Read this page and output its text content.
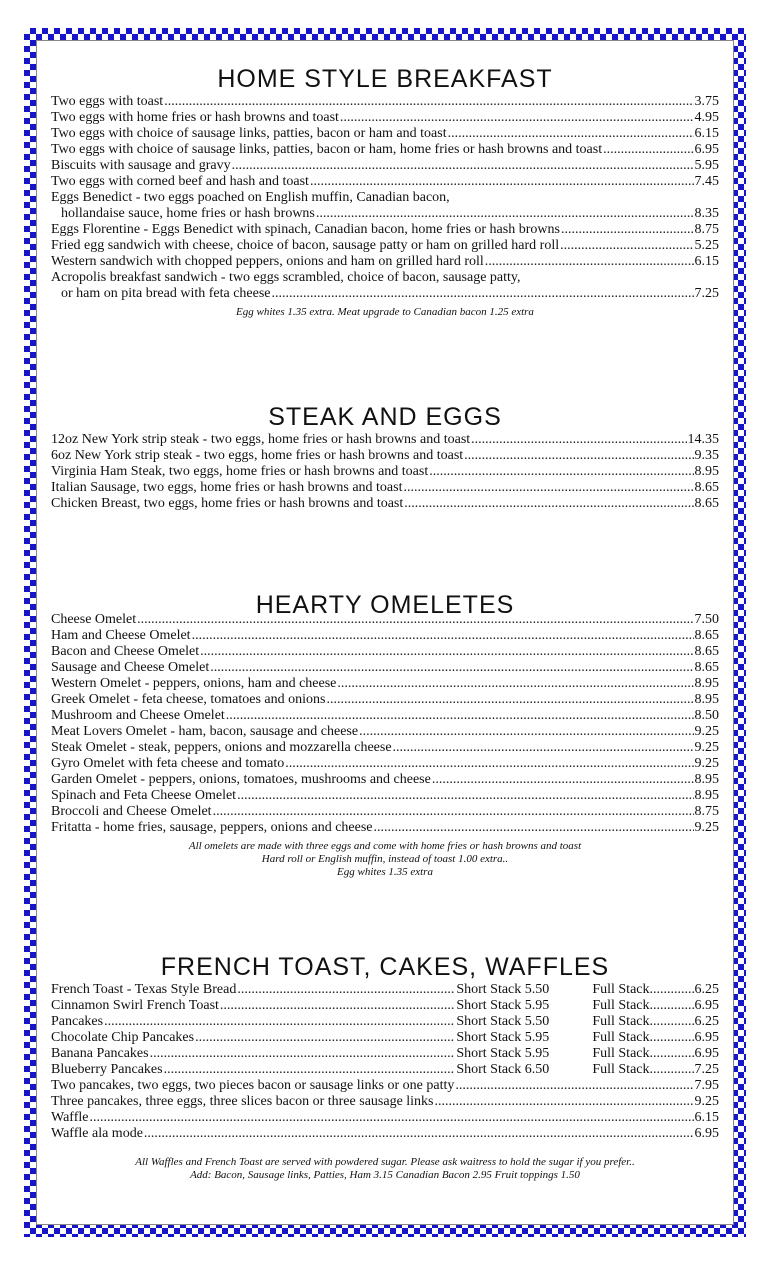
HOME STYLE BREAKFAST
Two eggs with toast .....	3.75
Two eggs with home fries or hash browns and toast .....	4.95
Two eggs with choice of sausage links, patties, bacon or ham and toast .....	6.15
Two eggs with choice of sausage links, patties, bacon or ham, home fries or hash browns and toast .....	6.95
Biscuits with sausage and gravy .....	5.95
Two eggs with corned beef and hash and toast .....	7.45
Eggs Benedict - two eggs poached on English muffin, Canadian bacon,
hollandaise sauce, home fries or hash browns .....	8.35
Eggs Florentine - Eggs Benedict with spinach, Canadian bacon, home fries or hash browns .....	8.75
Fried egg sandwich with cheese, choice of bacon, sausage patty or ham on grilled hard roll .....	5.25
Western sandwich with chopped peppers, onions and ham on grilled hard roll .....	6.15
Acropolis breakfast sandwich - two eggs scrambled, choice of bacon, sausage patty,
or ham on pita bread with feta cheese .....	7.25
Egg whites 1.35 extra. Meat upgrade to Canadian bacon 1.25 extra
STEAK AND EGGS
12oz New York strip steak - two eggs, home fries or hash browns and toast .....	14.35
6oz New York strip steak - two eggs, home fries or hash browns and toast .....	9.35
Virginia Ham Steak, two eggs, home fries or hash browns and toast .....	8.95
Italian Sausage, two eggs, home fries or hash browns and toast .....	8.65
Chicken Breast, two eggs, home fries or hash browns and toast .....	8.65
HEARTY OMELETES
Cheese Omelet .....	7.50
Ham and Cheese Omelet .....	8.65
Bacon and Cheese Omelet .....	8.65
Sausage and Cheese Omelet .....	8.65
Western Omelet - peppers, onions, ham and cheese .....	8.95
Greek Omelet - feta cheese, tomatoes and onions .....	8.95
Mushroom and Cheese Omelet .....	8.50
Meat Lovers Omelet - ham, bacon, sausage and cheese .....	9.25
Steak Omelet - steak, peppers, onions and mozzarella cheese .....	9.25
Gyro Omelet with feta cheese and tomato .....	9.25
Garden Omelet - peppers, onions, tomatoes, mushrooms and cheese .....	8.95
Spinach and Feta Cheese Omelet .....	8.95
Broccoli and Cheese Omelet .....	8.75
Fritatta - home fries, sausage, peppers, onions and cheese .....	9.25
All omelets are made with three eggs and come with home fries or hash browns and toast
Hard roll or English muffin, instead of toast 1.00 extra..
Egg whites 1.35 extra
FRENCH TOAST, CAKES, WAFFLES
French Toast - Texas Style Bread .....	Short Stack 5.50	Full Stack .....	6.25
Cinnamon Swirl French Toast .....	Short Stack 5.95	Full Stack .....	6.95
Pancakes .....	Short Stack 5.50	Full Stack .....	6.25
Chocolate Chip Pancakes .....	Short Stack 5.95	Full Stack .....	6.95
Banana Pancakes .....	Short Stack 5.95	Full Stack .....	6.95
Blueberry Pancakes .....	Short Stack 6.50	Full Stack .....	7.25
Two pancakes, two eggs, two pieces bacon or sausage links or one patty .....	7.95
Three pancakes, three eggs, three slices bacon or three sausage links .....	9.25
Waffle .....	6.15
Waffle ala mode .....	6.95
All Waffles and French Toast are served with powdered sugar. Please ask waitress to hold the sugar if you prefer..
Add: Bacon, Sausage links, Patties, Ham 3.15 Canadian Bacon 2.95 Fruit toppings 1.50
